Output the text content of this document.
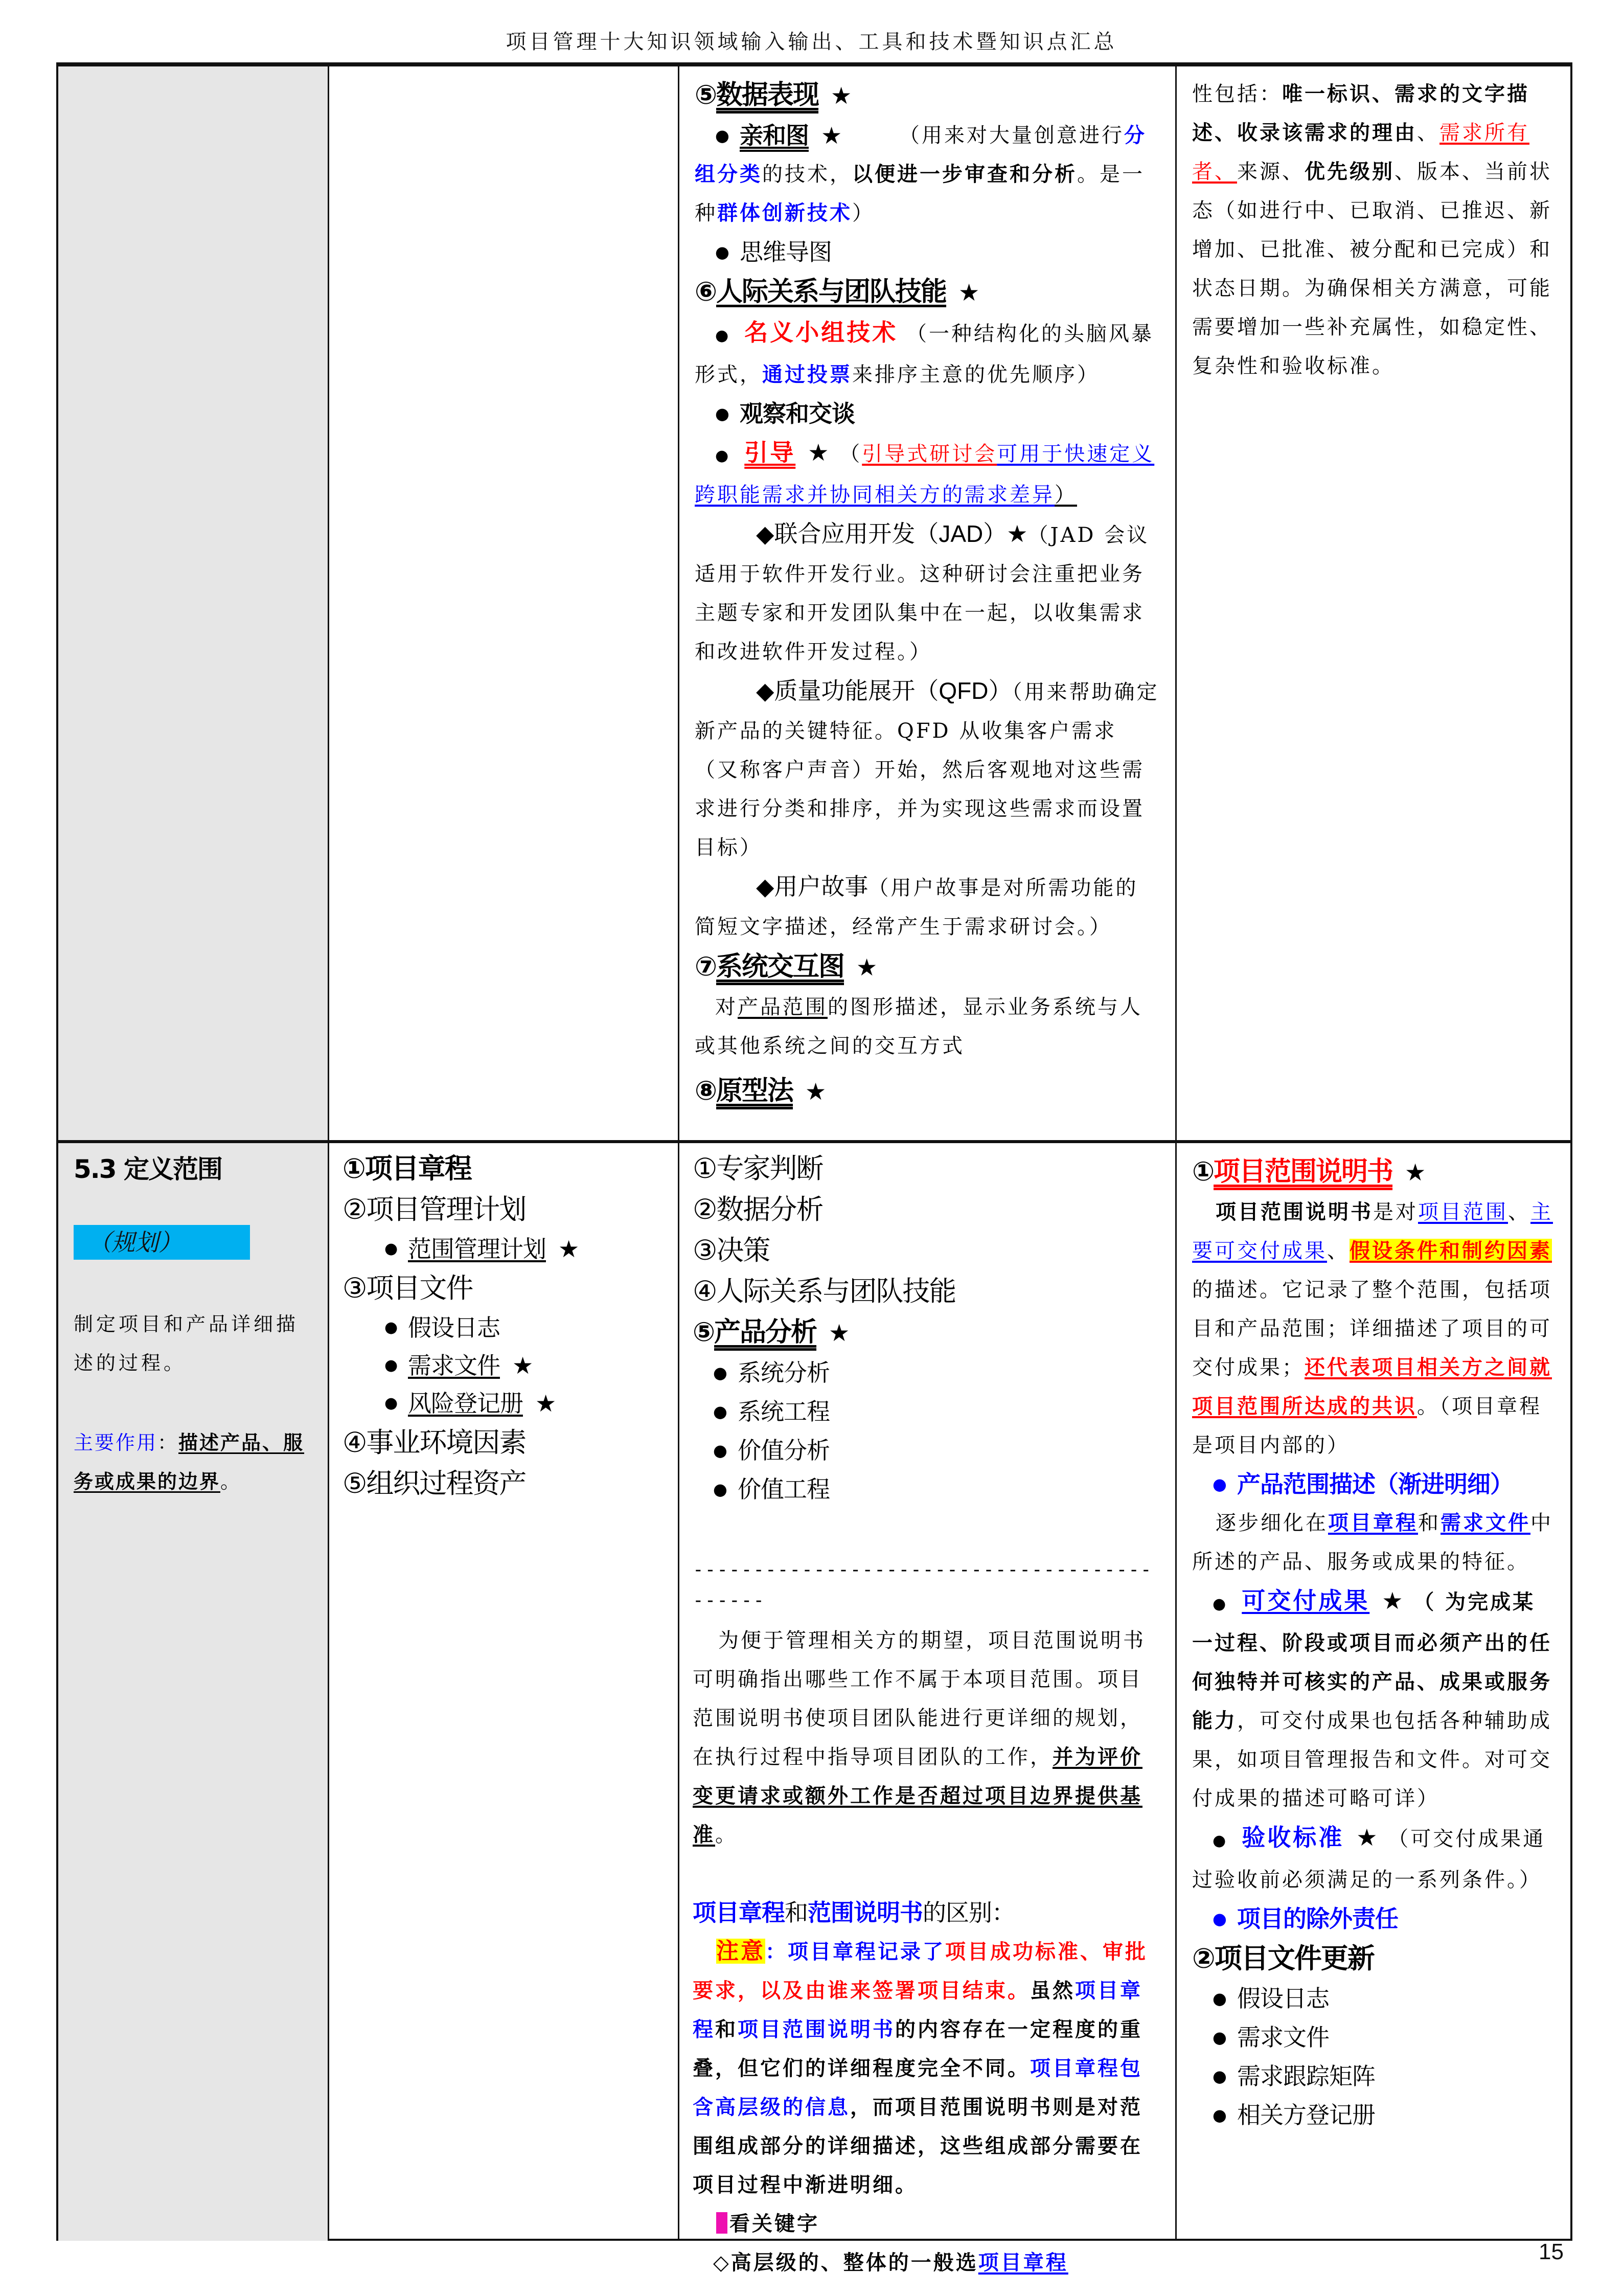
项目管理十大知识领域输入输出、工具和技术暨知识点汇总
⑤数据表现 ★
● 亲和图 ★	（用来对大量创意进行分组分类的技术，以便进一步审查和分析。是一种群体创新技术）
● 思维导图
⑥人际关系与团队技能 ★
●  名义小组技术 （一种结构化的头脑风暴形式，通过投票来排序主意的优先顺序）
● 观察和交谈
●  引导 ★ （引导式研讨会可用于快速定义跨职能需求并协同相关方的需求差异）
◆联合应用开发（JAD）★（JAD 会议适用于软件开发行业。这种研讨会注重把业务主题专家和开发团队集中在一起，以收集需求和改进软件开发过程。）
◆质量功能展开（QFD）（用来帮助确定新产品的关键特征。QFD 从收集客户需求（又称客户声音）开始，然后客观地对这些需求进行分类和排序，并为实现这些需求而设置目标）
◆用户故事（用户故事是对所需功能的简短文字描述，经常产生于需求研讨会。）
⑦系统交互图 ★
对产品范围的图形描述，显示业务系统与人或其他系统之间的交互方式
⑧原型法 ★
性包括：唯一标识、需求的文字描述、收录该需求的理由、需求所有者、来源、优先级别、版本、当前状态（如进行中、已取消、已推迟、新增加、已批准、被分配和已完成）和状态日期。为确保相关方满意，可能需要增加一些补充属性，如稳定性、复杂性和验收标准。
5.3 定义范围
（规划）
制定项目和产品详细描述的过程。
主要作用：描述产品、服务或成果的边界。
①项目章程
②项目管理计划
● 范围管理计划 ★
③项目文件
● 假设日志
● 需求文件 ★
● 风险登记册 ★
④事业环境因素
⑤组织过程资产
①专家判断
②数据分析
③决策
④人际关系与团队技能
⑤产品分析 ★
● 系统分析
● 系统工程
● 价值分析
● 价值工程
--------------------------------------------
为便于管理相关方的期望，项目范围说明书可明确指出哪些工作不属于本项目范围。项目范围说明书使项目团队能进行更详细的规划，在执行过程中指导项目团队的工作，并为评价变更请求或额外工作是否超过项目边界提供基准。
项目章程和范围说明书的区别：
注意：项目章程记录了项目成功标准、审批要求，以及由谁来签署项目结束。虽然项目章程和项目范围说明书的内容存在一定程度的重叠，但它们的详细程度完全不同。项目章程包含高层级的信息，而项目范围说明书则是对范围组成部分的详细描述，这些组成部分需要在项目过程中渐进明细。
看关键字
◇高层级的、整体的一般选项目章程
①项目范围说明书 ★
项目范围说明书是对项目范围、主要可交付成果、假设条件和制约因素的描述。它记录了整个范围，包括项目和产品范围；详细描述了项目的可交付成果；还代表项目相关方之间就项目范围所达成的共识。（项目章程是项目内部的）
● 产品范围描述（渐进明细）
逐步细化在项目章程和需求文件中所述的产品、服务或成果的特征。
●  可交付成果 ★ （ 为完成某一过程、阶段或项目而必须产出的任何独特并可核实的产品、成果或服务能力，可交付成果也包括各种辅助成果，如项目管理报告和文件。对可交付成果的描述可略可详）
●  验收标准 ★ （可交付成果通过验收前必须满足的一系列条件。）
● 项目的除外责任
②项目文件更新
● 假设日志
● 需求文件
● 需求跟踪矩阵
● 相关方登记册
15
